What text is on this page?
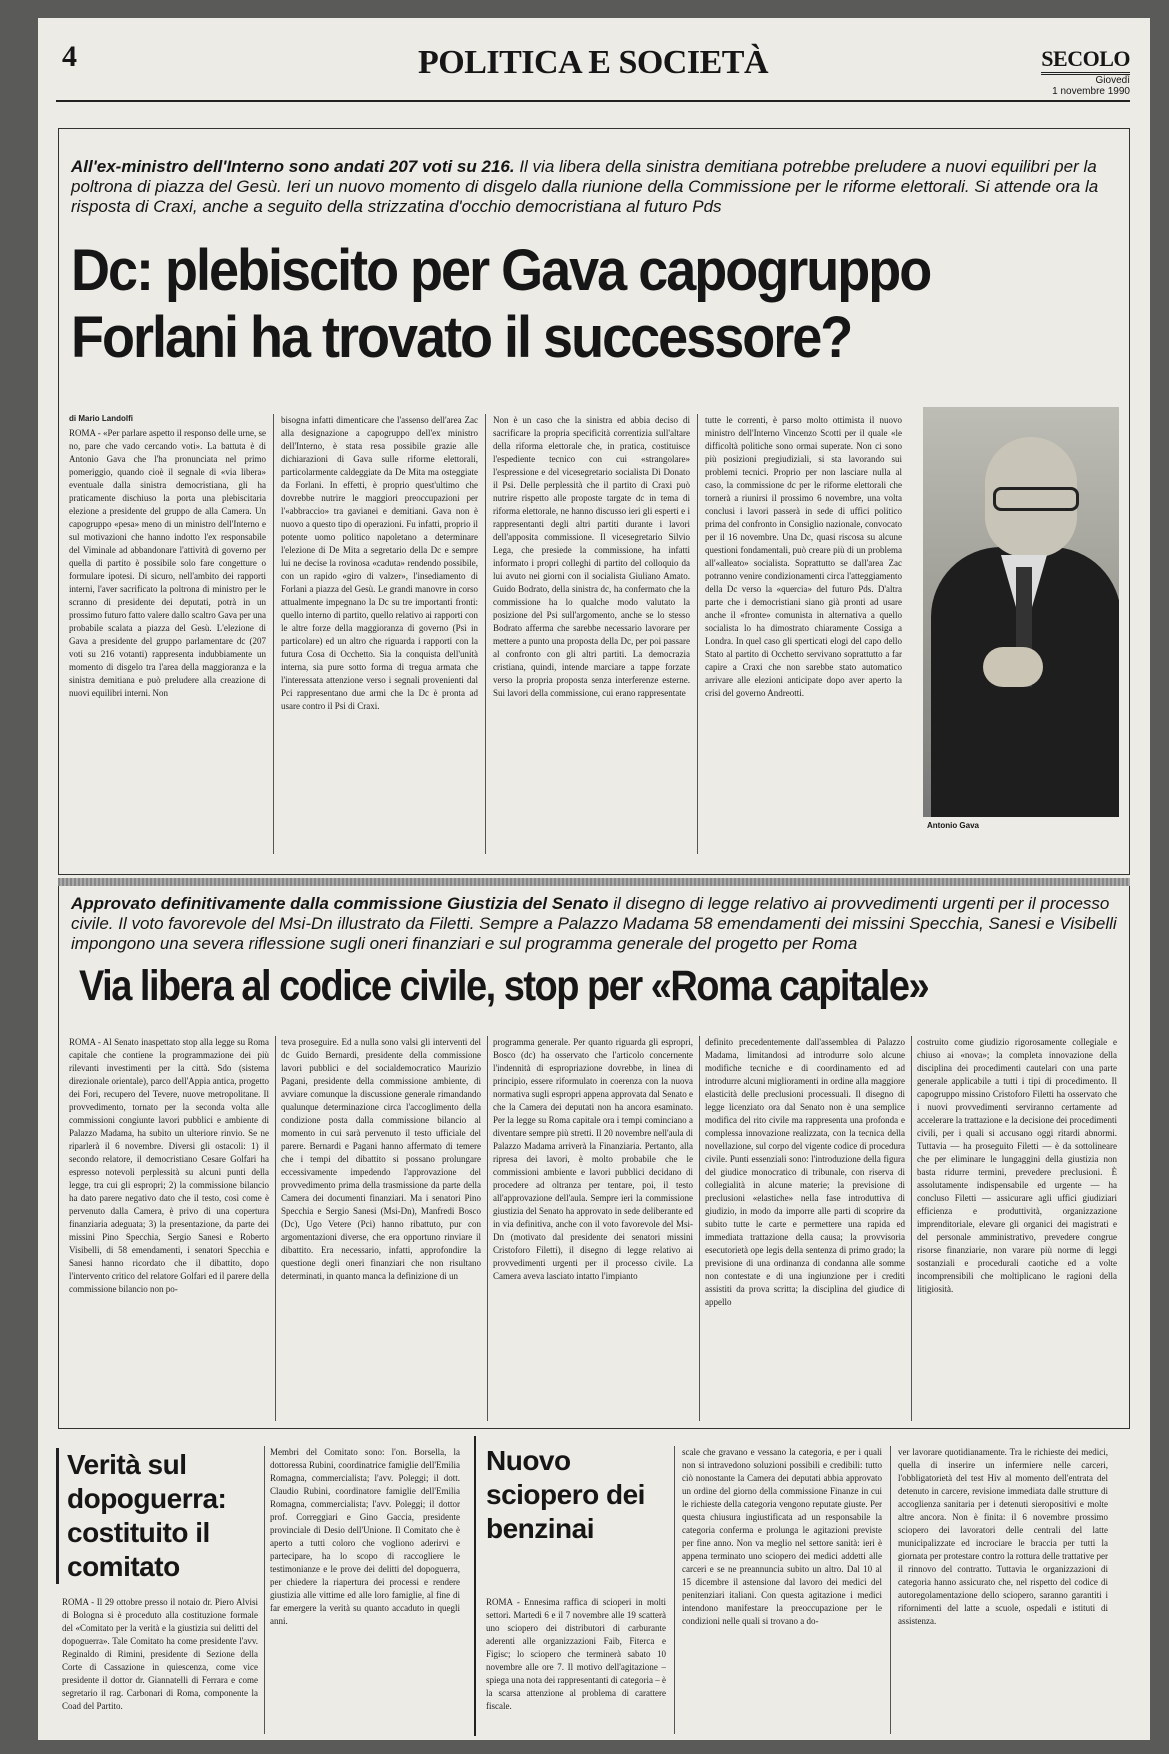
4	POLITICA E SOCIETÀ	SECOLO
Giovedì
1 novembre 1990
All'ex-ministro dell'Interno sono andati 207 voti su 216. Il via libera della sinistra demitiana potrebbe preludere a nuovi equilibri per la poltrona di piazza del Gesù. Ieri un nuovo momento di disgelo dalla riunione della Commissione per le riforme elettorali. Si attende ora la risposta di Craxi, anche a seguito della strizzatina d'occhio democristiana al futuro Pds
Dc: plebiscito per Gava capogruppo
Forlani ha trovato il successore?
di Mario Landolfi
ROMA - «Per parlare aspetto il responso delle urne, se no, pare che vado cercando voti». La battuta è di Antonio Gava che l'ha pronunciata nel primo pomeriggio, quando cioè il segnale di «via libera» eventuale dalla sinistra democristiana, gli ha praticamente dischiuso la porta una plebiscitaria elezione a presidente del gruppo de alla Camera. Un capogruppo «pesa» meno di un ministro dell'Interno e sul motivazioni che hanno indotto l'ex responsabile del Viminale ad abbandonare l'attività di governo per quella di partito è possibile solo fare congetture o formulare ipotesi. Di sicuro, nell'ambito dei rapporti interni, l'aver sacrificato la poltrona di ministro per le scranno di presidente dei deputati, potrà in un prossimo futuro fatto valere dallo scaltro Gava per una probabile scalata a piazza del Gesù. L'elezione di Gava a presidente del gruppo parlamentare dc (207 voti su 216 votanti) rappresenta indubbiamente un momento di disgelo tra l'area della maggioranza e la sinistra demitiana e può preludere alla creazione di nuovi equilibri interni. Non
bisogna infatti dimenticare che l'assenso dell'area Zac alla designazione a capogruppo dell'ex ministro dell'Interno, è stata resa possibile grazie alle dichiarazioni di Gava sulle riforme elettorali, particolarmente caldeggiate da De Mita ma osteggiate da Forlani. In effetti, è proprio quest'ultimo che dovrebbe nutrire le maggiori preoccupazioni per l'«abbraccio» tra gavianei e demitiani. Gava non è nuovo a questo tipo di operazioni. Fu infatti, proprio il potente uomo politico napoletano a determinare l'elezione di De Mita a segretario della Dc e sempre lui ne decise la rovinosa «caduta» rendendo possibile, con un rapido «giro di valzer», l'insediamento di Forlani a piazza del Gesù. Le grandi manovre in corso attualmente impegnano la Dc su tre importanti fronti: quello interno di partito, quello relativo ai rapporti con le altre forze della maggioranza di governo (Psi in particolare) ed un altro che riguarda i rapporti con la futura Cosa di Occhetto. Sia la conquista dell'unità interna, sia pure sotto forma di tregua armata che l'interessata attenzione verso i segnali provenienti dal Pci rappresentano due armi che la Dc è pronta ad usare contro il Psi di Craxi.
Non è un caso che la sinistra ed abbia deciso di sacrificare la propria specificità correntizia sull'altare della riforma elettorale che, in pratica, costituisce l'espediente tecnico con cui «strangolare» l'espressione e del vicesegretario socialista Di Donato il Psi. Delle perplessità che il partito di Craxi può nutrire rispetto alle proposte targate dc in tema di riforma elettorale, ne hanno discusso ieri gli esperti e i rappresentanti degli altri partiti durante i lavori dell'apposita commissione. Il vicesegretario Silvio Lega, che presiede la commissione, ha infatti informato i propri colleghi di partito del colloquio da lui avuto nei giorni con il socialista Giuliano Amato. Guido Bodrato, della sinistra dc, ha confermato che la commissione ha lo qualche modo valutato la posizione del Psi sull'argomento, anche se lo stesso Bodrato afferma che sarebbe necessario lavorare per mettere a punto una proposta della Dc, per poi passare al confronto con gli altri partiti. La democrazia cristiana, quindi, intende marciare a tappe forzate verso la propria proposta senza interferenze esterne. Sui lavori della commissione, cui erano rappresentate
tutte le correnti, è parso molto ottimista il nuovo ministro dell'Interno Vincenzo Scotti per il quale «le difficoltà politiche sono ormai superate. Non ci sono più posizioni pregiudiziali, si sta lavorando sui problemi tecnici. Proprio per non lasciare nulla al caso, la commissione dc per le riforme elettorali che tornerà a riunirsi il prossimo 6 novembre, una volta conclusi i lavori passerà in sede di uffici politico prima del confronto in Consiglio nazionale, convocato per il 16 novembre. Una Dc, quasi riscosa su alcune questioni fondamentali, può creare più di un problema all'«alleato» socialista. Soprattutto se dall'area Zac potranno venire condizionamenti circa l'atteggiamento della Dc verso la «quercia» del futuro Pds. D'altra parte che i democristiani siano già pronti ad usare anche il «fronte» comunista in alternativa a quello socialista lo ha dimostrato chiaramente Cossiga a Londra. In quel caso gli sperticati elogi del capo dello Stato al partito di Occhetto servivano soprattutto a far capire a Craxi che non sarebbe stato automatico arrivare alle elezioni anticipate dopo aver aperto la crisi del governo Andreotti.
Antonio Gava
Approvato definitivamente dalla commissione Giustizia del Senato il disegno di legge relativo ai provvedimenti urgenti per il processo civile. Il voto favorevole del Msi-Dn illustrato da Filetti. Sempre a Palazzo Madama 58 emendamenti dei missini Specchia, Sanesi e Visibelli impongono una severa riflessione sugli oneri finanziari e sul programma generale del progetto per Roma
Via libera al codice civile, stop per «Roma capitale»
ROMA - Al Senato inaspettato stop alla legge su Roma capitale che contiene la programmazione dei più rilevanti investimenti per la città. Sdo (sistema direzionale orientale), parco dell'Appia antica, progetto dei Fori, recupero del Tevere, nuove metropolitane. Il provvedimento, tornato per la seconda volta alle commissioni congiunte lavori pubblici e ambiente di Palazzo Madama, ha subito un ulteriore rinvio. Se ne riparlerà il 6 novembre. Diversi gli ostacoli: 1) il secondo relatore, il democristiano Cesare Golfari ha espresso notevoli perplessità su alcuni punti della legge, tra cui gli espropri; 2) la commissione bilancio ha dato parere negativo dato che il testo, così come è pervenuto dalla Camera, è privo di una copertura finanziaria adeguata; 3) la presentazione, da parte dei missini Pino Specchia, Sergio Sanesi e Roberto Visibelli, di 58 emendamenti, i senatori Specchia e Sanesi hanno ricordato che il dibattito, dopo l'intervento critico del relatore Golfari ed il parere della commissione bilancio non po-
teva proseguire. Ed a nulla sono valsi gli interventi del dc Guido Bernardi, presidente della commissione lavori pubblici e del socialdemocratico Maurizio Pagani, presidente della commissione ambiente, di avviare comunque la discussione generale rimandando qualunque determinazione circa l'accoglimento della condizione posta dalla commissione bilancio al momento in cui sarà pervenuto il testo ufficiale del parere. Bernardi e Pagani hanno affermato di temere che i tempi del dibattito si possano prolungare eccessivamente impedendo l'approvazione del provvedimento prima della trasmissione da parte della Camera dei documenti finanziari. Ma i senatori Pino Specchia e Sergio Sanesi (Msi-Dn), Manfredi Bosco (Dc), Ugo Vetere (Pci) hanno ribattuto, pur con argomentazioni diverse, che era opportuno rinviare il dibattito. Era necessario, infatti, approfondire la questione degli oneri finanziari che non risultano determinati, in quanto manca la definizione di un
programma generale. Per quanto riguarda gli espropri, Bosco (dc) ha osservato che l'articolo concernente l'indennità di espropriazione dovrebbe, in linea di principio, essere riformulato in coerenza con la nuova normativa sugli espropri appena approvata dal Senato e che la Camera dei deputati non ha ancora esaminato. Per la legge su Roma capitale ora i tempi cominciano a diventare sempre più stretti. Il 20 novembre nell'aula di Palazzo Madama arriverà la Finanziaria. Pertanto, alla ripresa dei lavori, è molto probabile che le commissioni ambiente e lavori pubblici decidano di procedere ad oltranza per tentare, poi, il testo all'approvazione dell'aula. Sempre ieri la commissione giustizia del Senato ha approvato in sede deliberante ed in via definitiva, anche con il voto favorevole del Msi-Dn (motivato dal presidente dei senatori missini Cristoforo Filetti), il disegno di legge relativo ai provvedimenti urgenti per il processo civile. La Camera aveva lasciato intatto l'impianto
definito precedentemente dall'assemblea di Palazzo Madama, limitandosi ad introdurre solo alcune modifiche tecniche e di coordinamento ed ad introdurre alcuni miglioramenti in ordine alla maggiore elasticità delle preclusioni processuali. Il disegno di legge licenziato ora dal Senato non è una semplice modifica del rito civile ma rappresenta una profonda e complessa innovazione realizzata, con la tecnica della novellazione, sul corpo del vigente codice di procedura civile. Punti essenziali sono: l'introduzione della figura del giudice monocratico di tribunale, con riserva di collegialità in alcune materie; la previsione di preclusioni «elastiche» nella fase introduttiva di giudizio, in modo da imporre alle parti di scoprire da subito tutte le carte e permettere una rapida ed immediata trattazione della causa; la provvisoria esecutorietà ope legis della sentenza di primo grado; la previsione di una ordinanza di condanna alle somme non contestate e di una ingiunzione per i crediti assistiti da prova scritta; la disciplina del giudice di appello
costruito come giudizio rigorosamente collegiale e chiuso ai «nova»; la completa innovazione della disciplina dei procedimenti cautelari con una parte generale applicabile a tutti i tipi di procedimento. Il capogruppo missino Cristoforo Filetti ha osservato che i nuovi provvedimenti serviranno certamente ad accelerare la trattazione e la decisione dei procedimenti civili, per i quali si accusano oggi ritardi abnormi. Tuttavia — ha proseguito Filetti — è da sottolineare che per eliminare le lungaggini della giustizia non basta ridurre termini, prevedere preclusioni. È assolutamente indispensabile ed urgente — ha concluso Filetti — assicurare agli uffici giudiziari efficienza e produttività, organizzazione imprenditoriale, elevare gli organici dei magistrati e del personale amministrativo, prevedere congrue risorse finanziarie, non varare più norme di leggi sostanziali e procedurali caotiche ed a volte incomprensibili che moltiplicano le ragioni della litigiosità.
Verità sul dopoguerra: costituito il comitato
ROMA - Il 29 ottobre presso il notaio dr. Piero Alvisi di Bologna si è proceduto alla costituzione formale del «Comitato per la verità e la giustizia sui delitti del dopoguerra». Tale Comitato ha come presidente l'avv. Reginaldo di Rimini, presidente di Sezione della Corte di Cassazione in quiescenza, come vice presidente il dottor dr. Giannatelli di Ferrara e come segretario il rag. Carbonari di Roma, componente la Coad del Partito.
Membri del Comitato sono: l'on. Borsella, la dottoressa Rubini, coordinatrice famiglie dell'Emilia Romagna, commercialista; l'avv. Poleggi; il dott. Claudio Rubini, coordinatore famiglie dell'Emilia Romagna, commercialista; l'avv. Poleggi; il dottor prof. Correggiari e Gino Gaccia, presidente provinciale di Desio dell'Unione. Il Comitato che è aperto a tutti coloro che vogliono aderirvi e partecipare, ha lo scopo di raccogliere le testimonianze e le prove dei delitti del dopoguerra, per chiedere la riapertura dei processi e rendere giustizia alle vittime ed alle loro famiglie, al fine di far emergere la verità su quanto accaduto in quegli anni.
Nuovo sciopero dei benzinai
ROMA - Ennesima raffica di scioperi in molti settori. Martedì 6 e il 7 novembre alle 19 scatterà uno sciopero dei distributori di carburante aderenti alle organizzazioni Faib, Fiterca e Figisc; lo sciopero che terminerà sabato 10 novembre alle ore 7. Il motivo dell'agitazione – spiega una nota dei rappresentanti di categoria – è la scarsa attenzione al problema di carattere fiscale.
scale che gravano e vessano la categoria, e per i quali non si intravedono soluzioni possibili e credibili: tutto ciò nonostante la Camera dei deputati abbia approvato un ordine del giorno della commissione Finanze in cui le richieste della categoria vengono reputate giuste. Per questa chiusura ingiustificata ad un responsabile la categoria conferma e prolunga le agitazioni previste per fine anno. Non va meglio nel settore sanità: ieri è appena terminato uno sciopero dei medici addetti alle carceri e se ne preannuncia subito un altro. Dal 10 al 15 dicembre il astensione dal lavoro dei medici del penitenziari italiani. Con questa agitazione i medici intendono manifestare la preoccupazione per le condizioni nelle quali si trovano a do-
ver lavorare quotidianamente. Tra le richieste dei medici, quella di inserire un infermiere nelle carceri, l'obbligatorietà del test Hiv al momento dell'entrata del detenuto in carcere, revisione immediata dalle strutture di accoglienza sanitaria per i detenuti sieropositivi e molte altre ancora. Non è finita: il 6 novembre prossimo sciopero dei lavoratori delle centrali del latte municipalizzate ed incrociare le braccia per tutti la giornata per protestare contro la rottura delle trattative per il rinnovo del contratto. Tuttavia le organizzazioni di categoria hanno assicurato che, nel rispetto del codice di autoregolamentazione dello sciopero, saranno garantiti i rifornimenti del latte a scuole, ospedali e istituti di assistenza.
